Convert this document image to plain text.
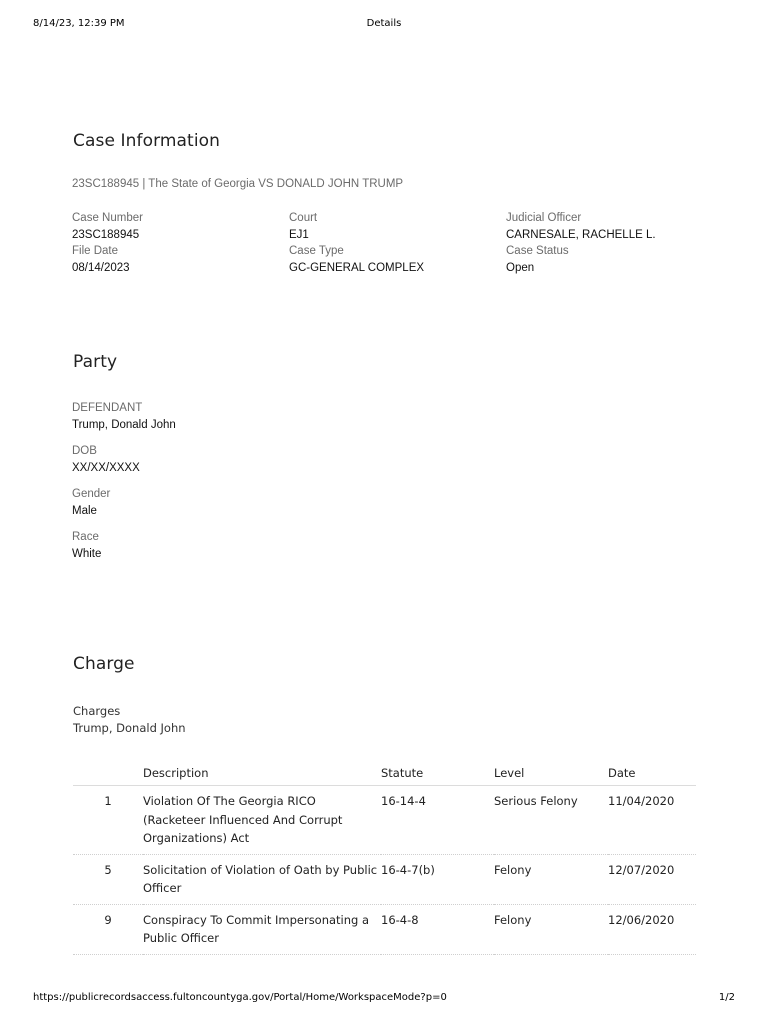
8/14/23, 12:39 PM	Details
Case Information
23SC188945 | The State of Georgia VS DONALD JOHN TRUMP
Case Number
23SC188945
File Date
08/14/2023
Court
EJ1
Case Type
GC-GENERAL COMPLEX
Judicial Officer
CARNESALE, RACHELLE L.
Case Status
Open
Party
DEFENDANT
Trump, Donald John
DOB
XX/XX/XXXX
Gender
Male
Race
White
Charge
Charges
Trump, Donald John
	Description	Statute	Level	Date
1	Violation Of The Georgia RICO (Racketeer Influenced And Corrupt Organizations) Act	16-14-4	Serious Felony	11/04/2020
5	Solicitation of Violation of Oath by Public Officer	16-4-7(b)	Felony	12/07/2020
9	Conspiracy To Commit Impersonating a Public Officer	16-4-8	Felony	12/06/2020
https://publicrecordsaccess.fultoncountyga.gov/Portal/Home/WorkspaceMode?p=0	1/2
